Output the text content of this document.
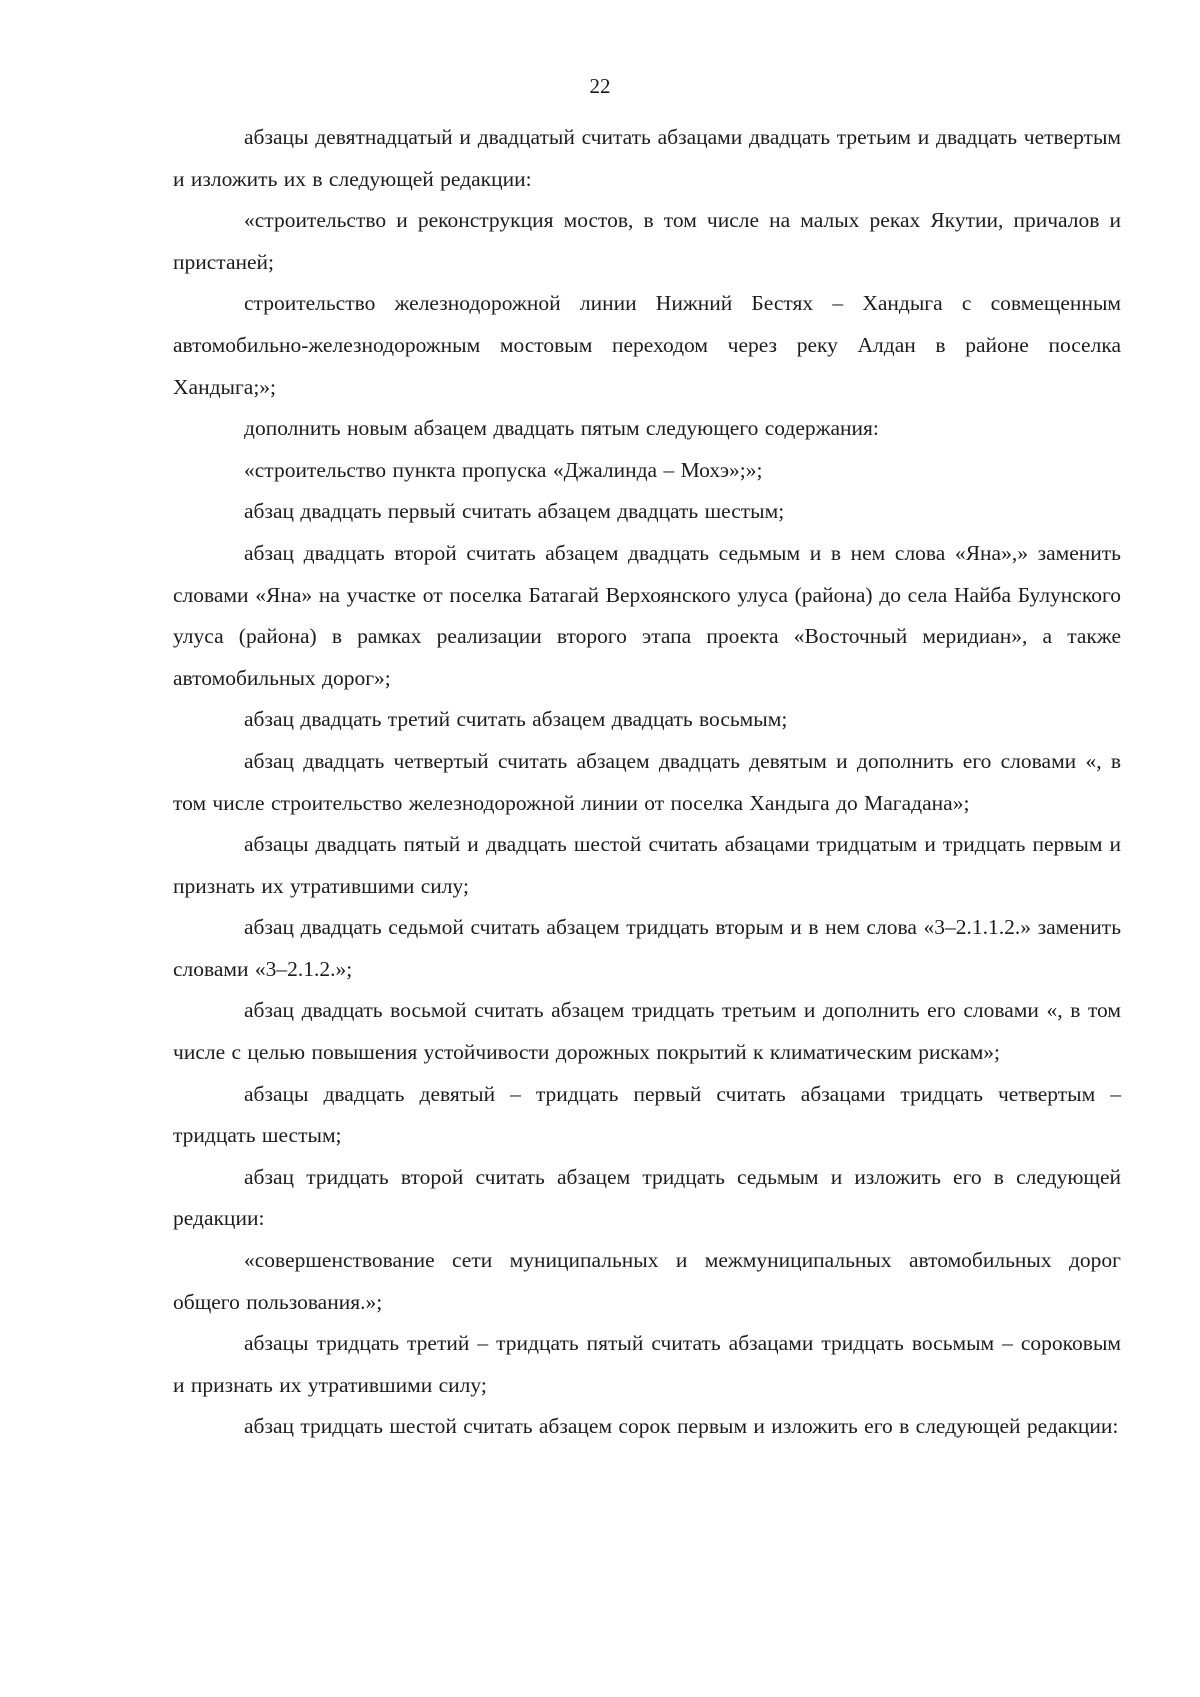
22

абзацы девятнадцатый и двадцатый считать абзацами двадцать третьим и двадцать четвертым и изложить их в следующей редакции:

«строительство и реконструкция мостов, в том числе на малых реках Якутии, причалов и пристаней;

строительство железнодорожной линии Нижний Бестях – Хандыга с совмещенным автомобильно-железнодорожным мостовым переходом через реку Алдан в районе поселка Хандыга;»;

дополнить новым абзацем двадцать пятым следующего содержания:

«строительство пункта пропуска «Джалинда – Мохэ»;»;

абзац двадцать первый считать абзацем двадцать шестым;

абзац двадцать второй считать абзацем двадцать седьмым и в нем слова «Яна»,» заменить словами «Яна» на участке от поселка Батагай Верхоянского улуса (района) до села Найба Булунского улуса (района) в рамках реализации второго этапа проекта «Восточный меридиан», а также автомобильных дорог»;

абзац двадцать третий считать абзацем двадцать восьмым;

абзац двадцать четвертый считать абзацем двадцать девятым и дополнить его словами «, в том числе строительство железнодорожной линии от поселка Хандыга до Магадана»;

абзацы двадцать пятый и двадцать шестой считать абзацами тридцатым и тридцать первым и признать их утратившими силу;

абзац двадцать седьмой считать абзацем тридцать вторым и в нем слова «3–2.1.1.2.» заменить словами «3–2.1.2.»;

абзац двадцать восьмой считать абзацем тридцать третьим и дополнить его словами «, в том числе с целью повышения устойчивости дорожных покрытий к климатическим рискам»;

абзацы двадцать девятый – тридцать первый считать абзацами тридцать четвертым – тридцать шестым;

абзац тридцать второй считать абзацем тридцать седьмым и изложить его в следующей редакции:

«совершенствование сети муниципальных и межмуниципальных автомобильных дорог общего пользования.»;

абзацы тридцать третий – тридцать пятый считать абзацами тридцать восьмым – сороковым и признать их утратившими силу;

абзац тридцать шестой считать абзацем сорок первым и изложить его в следующей редакции:
